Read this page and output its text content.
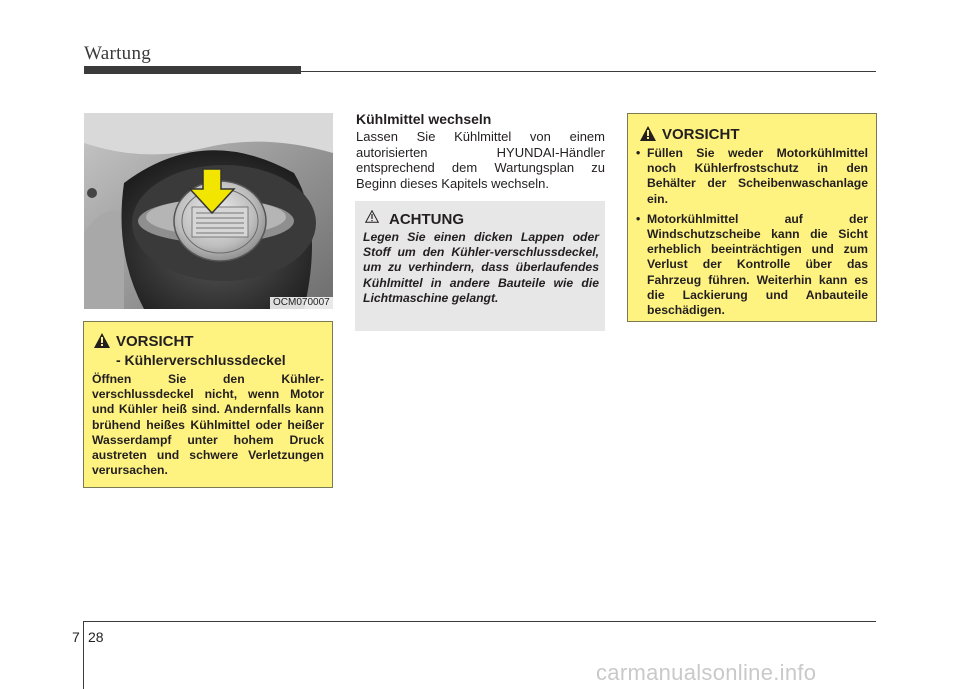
Wartung
OCM070007
Kühlmittel wechseln
Lassen Sie Kühlmittel von einem autorisierten HYUNDAI-Händler entsprechend dem Wartungsplan zu Beginn dieses Kapitels wechseln.
VORSICHT
- Kühlerverschlussdeckel
Öffnen Sie den Kühler-verschlussdeckel nicht, wenn Motor und Kühler heiß sind. Andernfalls kann brühend heißes Kühlmittel oder heißer Wasserdampf unter hohem Druck austreten und schwere Verletzungen verursachen.
ACHTUNG
Legen Sie einen dicken Lappen oder Stoff um den Kühler-verschlussdeckel, um zu verhindern, dass überlaufendes Kühlmittel in andere Bauteile wie die Lichtmaschine gelangt.
VORSICHT
• Füllen Sie weder Motorkühlmittel noch Kühlerfrostschutz in den Behälter der Scheibenwaschanlage ein.
• Motorkühlmittel auf der Windschutzscheibe kann die Sicht erheblich beeinträchtigen und zum Verlust der Kontrolle über das Fahrzeug führen. Weiterhin kann es die Lackierung und Anbauteile beschädigen.
7 28
carmanualsonline.info
